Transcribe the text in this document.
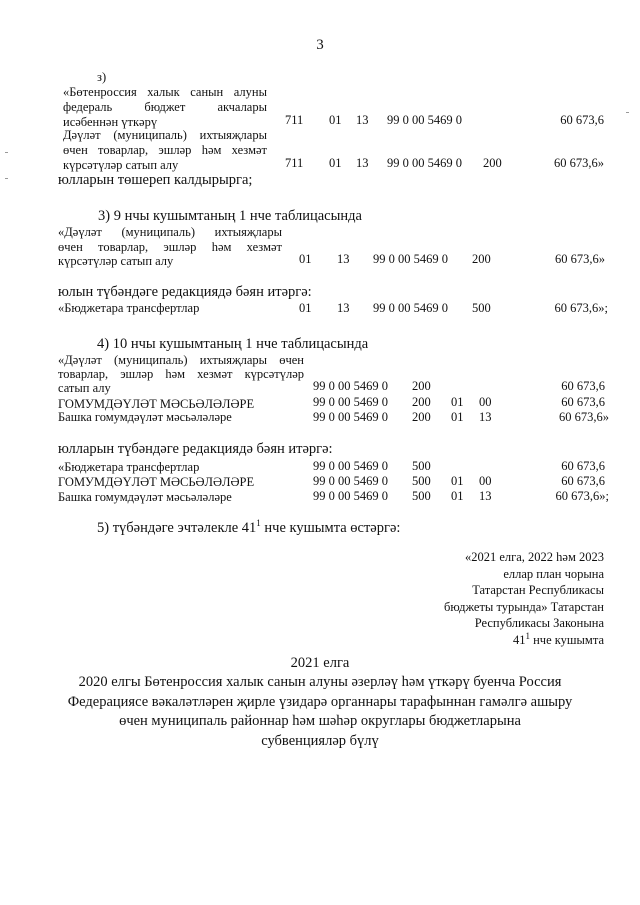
3
з)
«Бөтенроссия халык санын алуны
федераль бюджет акчалары
исәбеннән үткәрү	711 01 13 99 0 00 5469 0	60 673,6
Дәүләт (муниципаль) ихтыяҗлары
өчен товарлар, эшләр һәм хезмәт
күрсәтүләр сатып алу	711 01 13 99 0 00 5469 0 200	60 673,6»
юлларын төшереп калдырырга;
3) 9 нчы кушымтаның 1 нче таблицасында
«Дәүләт (муниципаль) ихтыяҗлары
өчен товарлар, эшләр һәм хезмәт
күрсәтүләр сатып алу	01 13 99 0 00 5469 0 200	60 673,6»
юлын түбәндәге редакциядә бәян итәргә:
«Бюджетара трансфертлар	01 13 99 0 00 5469 0 500	60 673,6»;
4) 10 нчы кушымтаның 1 нче таблицасында
«Дәүләт (муниципаль) ихтыяҗлары өчен
товарлар, эшләр һәм хезмәт күрсәтүләр
сатып алу	99 0 00 5469 0 200	60 673,6
ГОМУМДӘҮЛӘТ МӘСЬӘЛӘЛӘРЕ	99 0 00 5469 0 200 01 00	60 673,6
Башка гомумдәүләт мәсьәләләре	99 0 00 5469 0 200 01 13	60 673,6»
юлларын түбәндәге редакциядә бәян итәргә:
«Бюджетара трансфертлар	99 0 00 5469 0 500	60 673,6
ГОМУМДӘҮЛӘТ МӘСЬӘЛӘЛӘРЕ	99 0 00 5469 0 500 01 00	60 673,6
Башка гомумдәүләт мәсьәләләре	99 0 00 5469 0 500 01 13	60 673,6»;
5) түбәндәге эчтәлекле $41^1$ нче кушымта өстәргә:
«2021 елга, 2022 һәм 2023
еллар план чорына
Татарстан Республикасы
бюджеты турында» Татарстан
Республикасы Законына
$41^1$ нче кушымта
2021 елга
2020 елгы Бөтенроссия халык санын алуны әзерләү һәм үткәрү буенча Россия
Федерациясе вәкаләтләрен җирле үзидарә органнары тарафыннан гамәлгә ашыру
өчен муниципаль районнар һәм шәһәр округлары бюджетларына
субвенцияләр бүлү
